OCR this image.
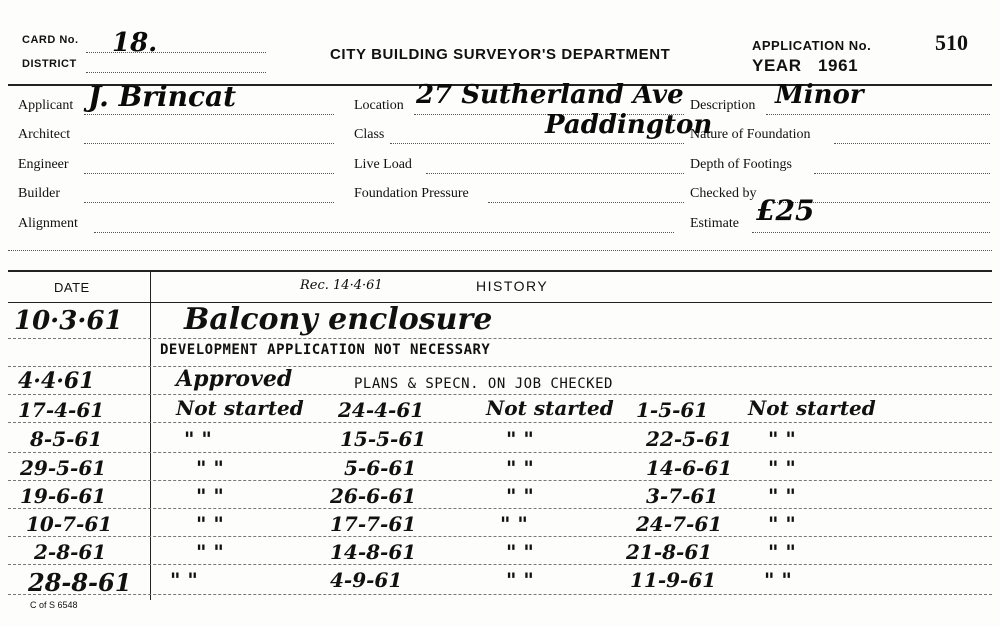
CARD No. 18.
DISTRICT
CITY BUILDING SURVEYOR'S DEPARTMENT
APPLICATION No.	510
YEAR 1961
Applicant J. Brincat
Architect
Engineer
Builder
Alignment
Location 27 Sutherland Ave
Class	Paddington
Live Load
Foundation Pressure
Description Minor
Nature of Foundation
Depth of Footings
Checked by
Estimate £25
DATE	Rec. 14·4·61	HISTORY
10·3·61 Balcony enclosure
DEVELOPMENT APPLICATION NOT NECESSARY
4·4·61	Approved	PLANS & SPECN. ON JOB CHECKED
17-4-61	Not started 24-4-61	Not started 1-5-61 Not started
8-5-61	" "	15-5-61	" "	22-5-61 " "
29-5-61	" "	5-6-61	" "	14-6-61 " "
19-6-61	" "	26-6-61	" "	3-7-61 " "
10-7-61	" "	17-7-61	" "	24-7-61 " "
2-8-61	" "	14-8-61	" "	21-8-61	" "
28-8-61 " "	4-9-61	" "	11-9-61 " "
C of S 6548
